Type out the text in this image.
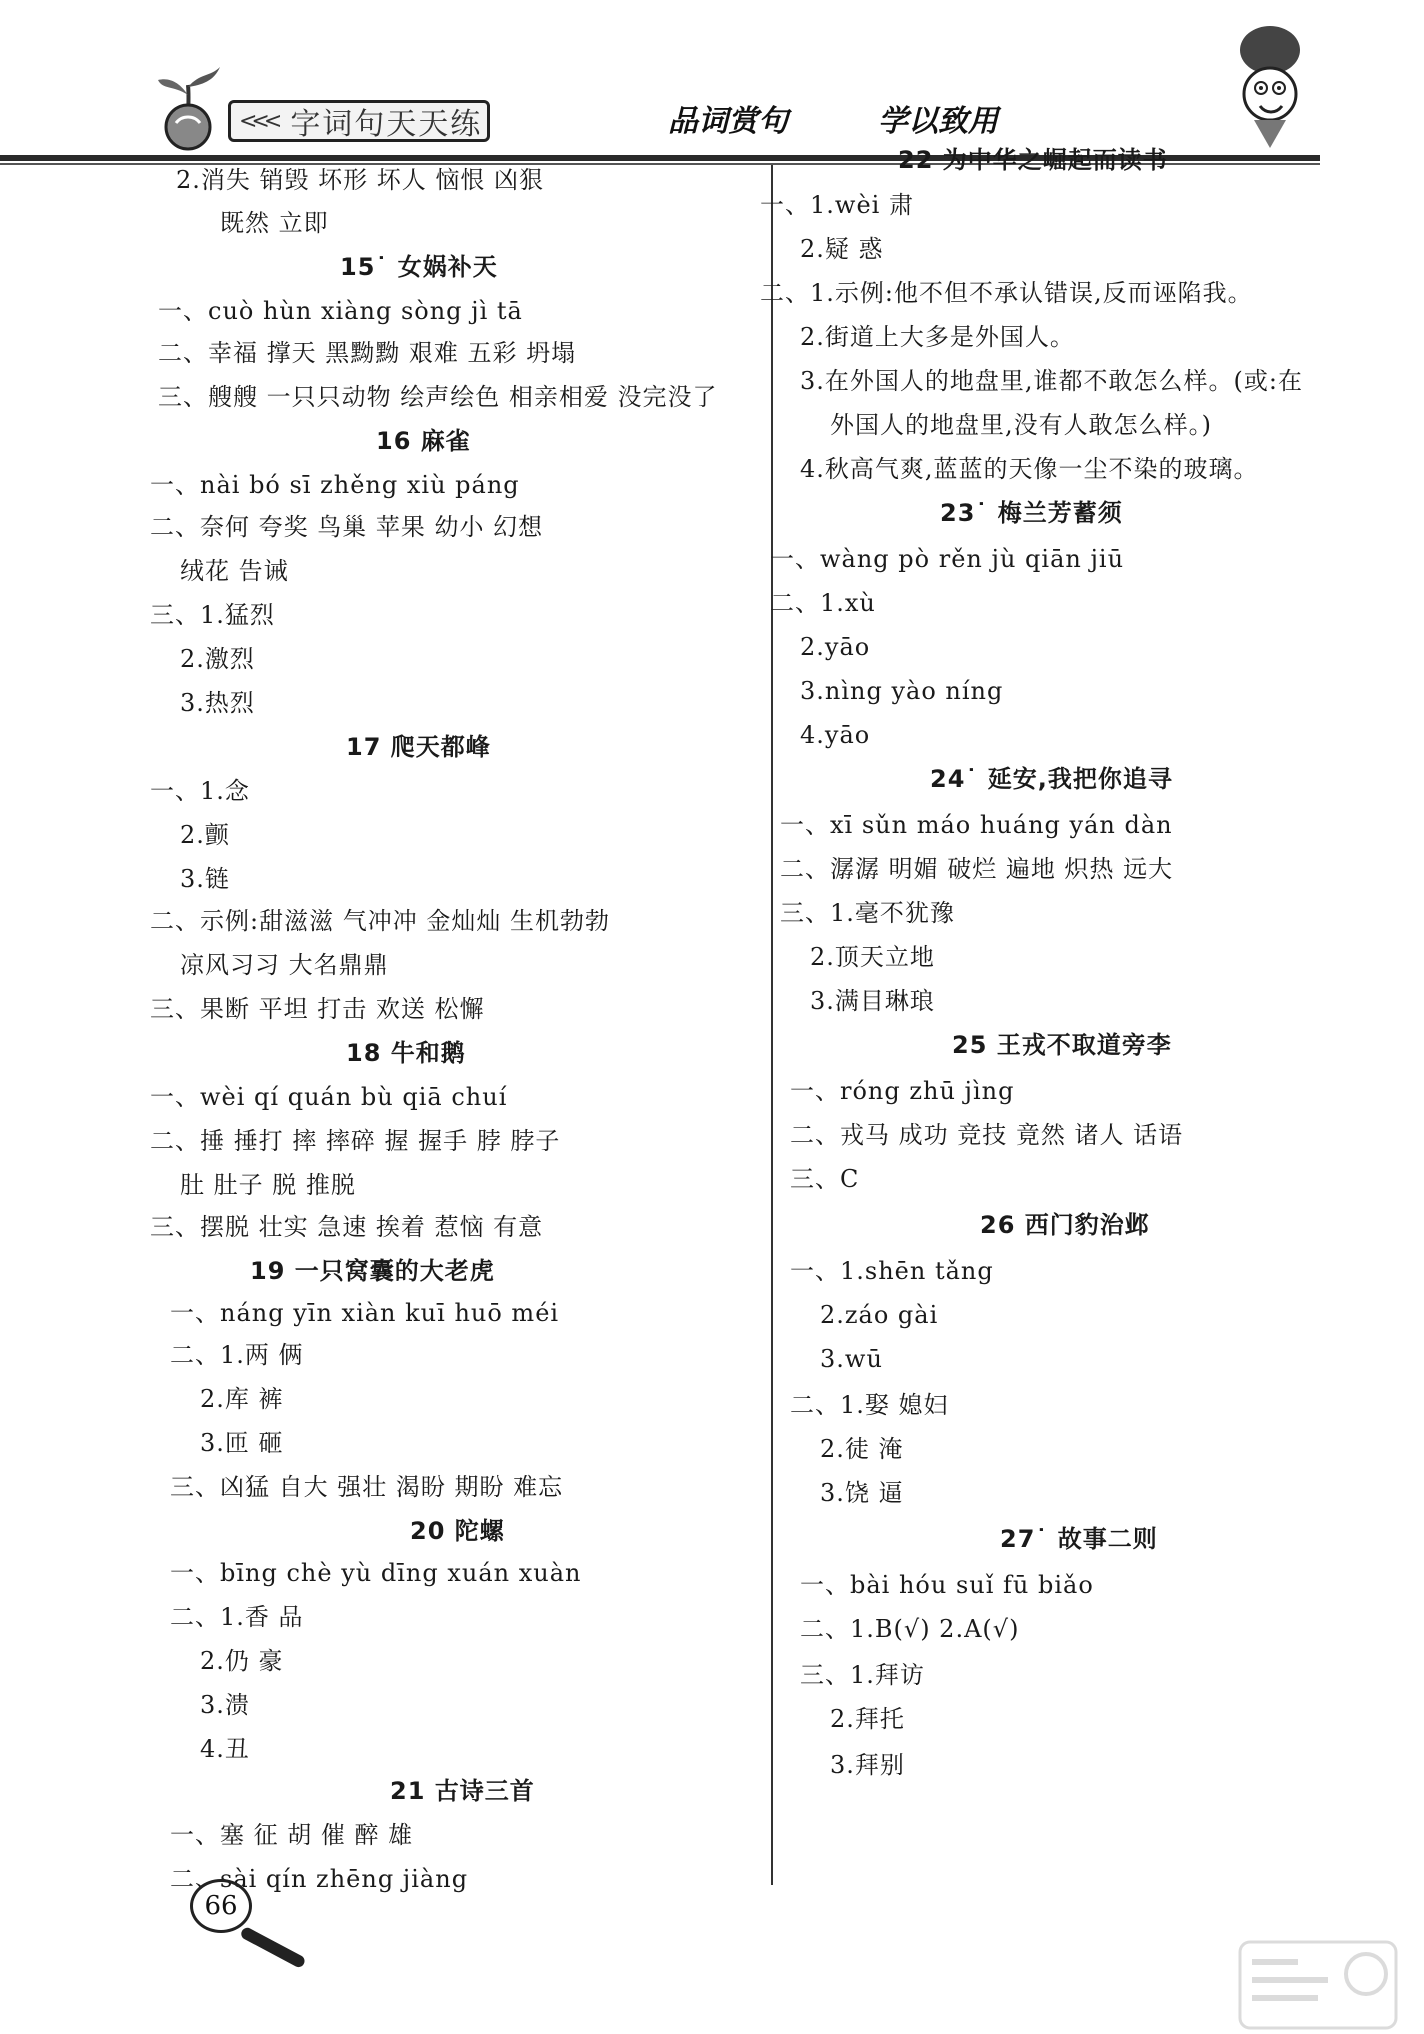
<<< 字词句天天练	品词赏句	学以致用
2.消失 销毁 坏形 坏人 恼恨 凶狠
既然 立即
15˙ 女娲补天
一、cuò hùn xiàng sòng jì tā
二、幸福 撑天 黑黝黝 艰难 五彩 坍塌
三、艘艘 一只只动物 绘声绘色 相亲相爱 没完没了
16 麻雀
一、nài bó sī zhěng xiù páng
二、奈何 夸奖 鸟巢 苹果 幼小 幻想
绒花 告诫
三、1.猛烈
2.激烈
3.热烈
17 爬天都峰
一、1.念
2.颤
3.链
二、示例:甜滋滋 气冲冲 金灿灿 生机勃勃
凉风习习 大名鼎鼎
三、果断 平坦 打击 欢送 松懈
18 牛和鹅
一、wèi qí quán bù qiā chuí
二、捶 捶打 摔 摔碎 握 握手 脖 脖子
肚 肚子 脱 推脱
三、摆脱 壮实 急速 挨着 惹恼 有意
19 一只窝囊的大老虎
一、náng yīn xiàn kuī huō méi
二、1.两 俩
2.库 裤
3.匝 砸
三、凶猛 自大 强壮 渴盼 期盼 难忘
20 陀螺
一、bīng chè yù dīng xuán xuàn
二、1.香 品
2.仍 豪
3.溃
4.丑
21 古诗三首
一、塞 征 胡 催 醉 雄
二、sài qín zhēng jiàng
22 为中华之崛起而读书
一、1.wèi 肃
2.疑 惑
二、1.示例:他不但不承认错误,反而诬陷我。
2.街道上大多是外国人。
3.在外国人的地盘里,谁都不敢怎么样。(或:在
外国人的地盘里,没有人敢怎么样。)
4.秋高气爽,蓝蓝的天像一尘不染的玻璃。
23˙ 梅兰芳蓄须
一、wàng pò rěn jù qiān jiū
二、1.xù
2.yāo
3.nìng yào níng
4.yāo
24˙ 延安,我把你追寻
一、xī sǔn máo huáng yán dàn
二、潺潺 明媚 破烂 遍地 炽热 远大
三、1.毫不犹豫
2.顶天立地
3.满目琳琅
25 王戎不取道旁李
一、róng zhū jìng
二、戎马 成功 竞技 竟然 诸人 话语
三、C
26 西门豹治邺
一、1.shēn tǎng
2.záo gài
3.wū
二、1.娶 媳妇
2.徒 淹
3.饶 逼
27˙ 故事二则
一、bài hóu suǐ fū biǎo
二、1.B(√) 2.A(√)
三、1.拜访
2.拜托
3.拜别
66
